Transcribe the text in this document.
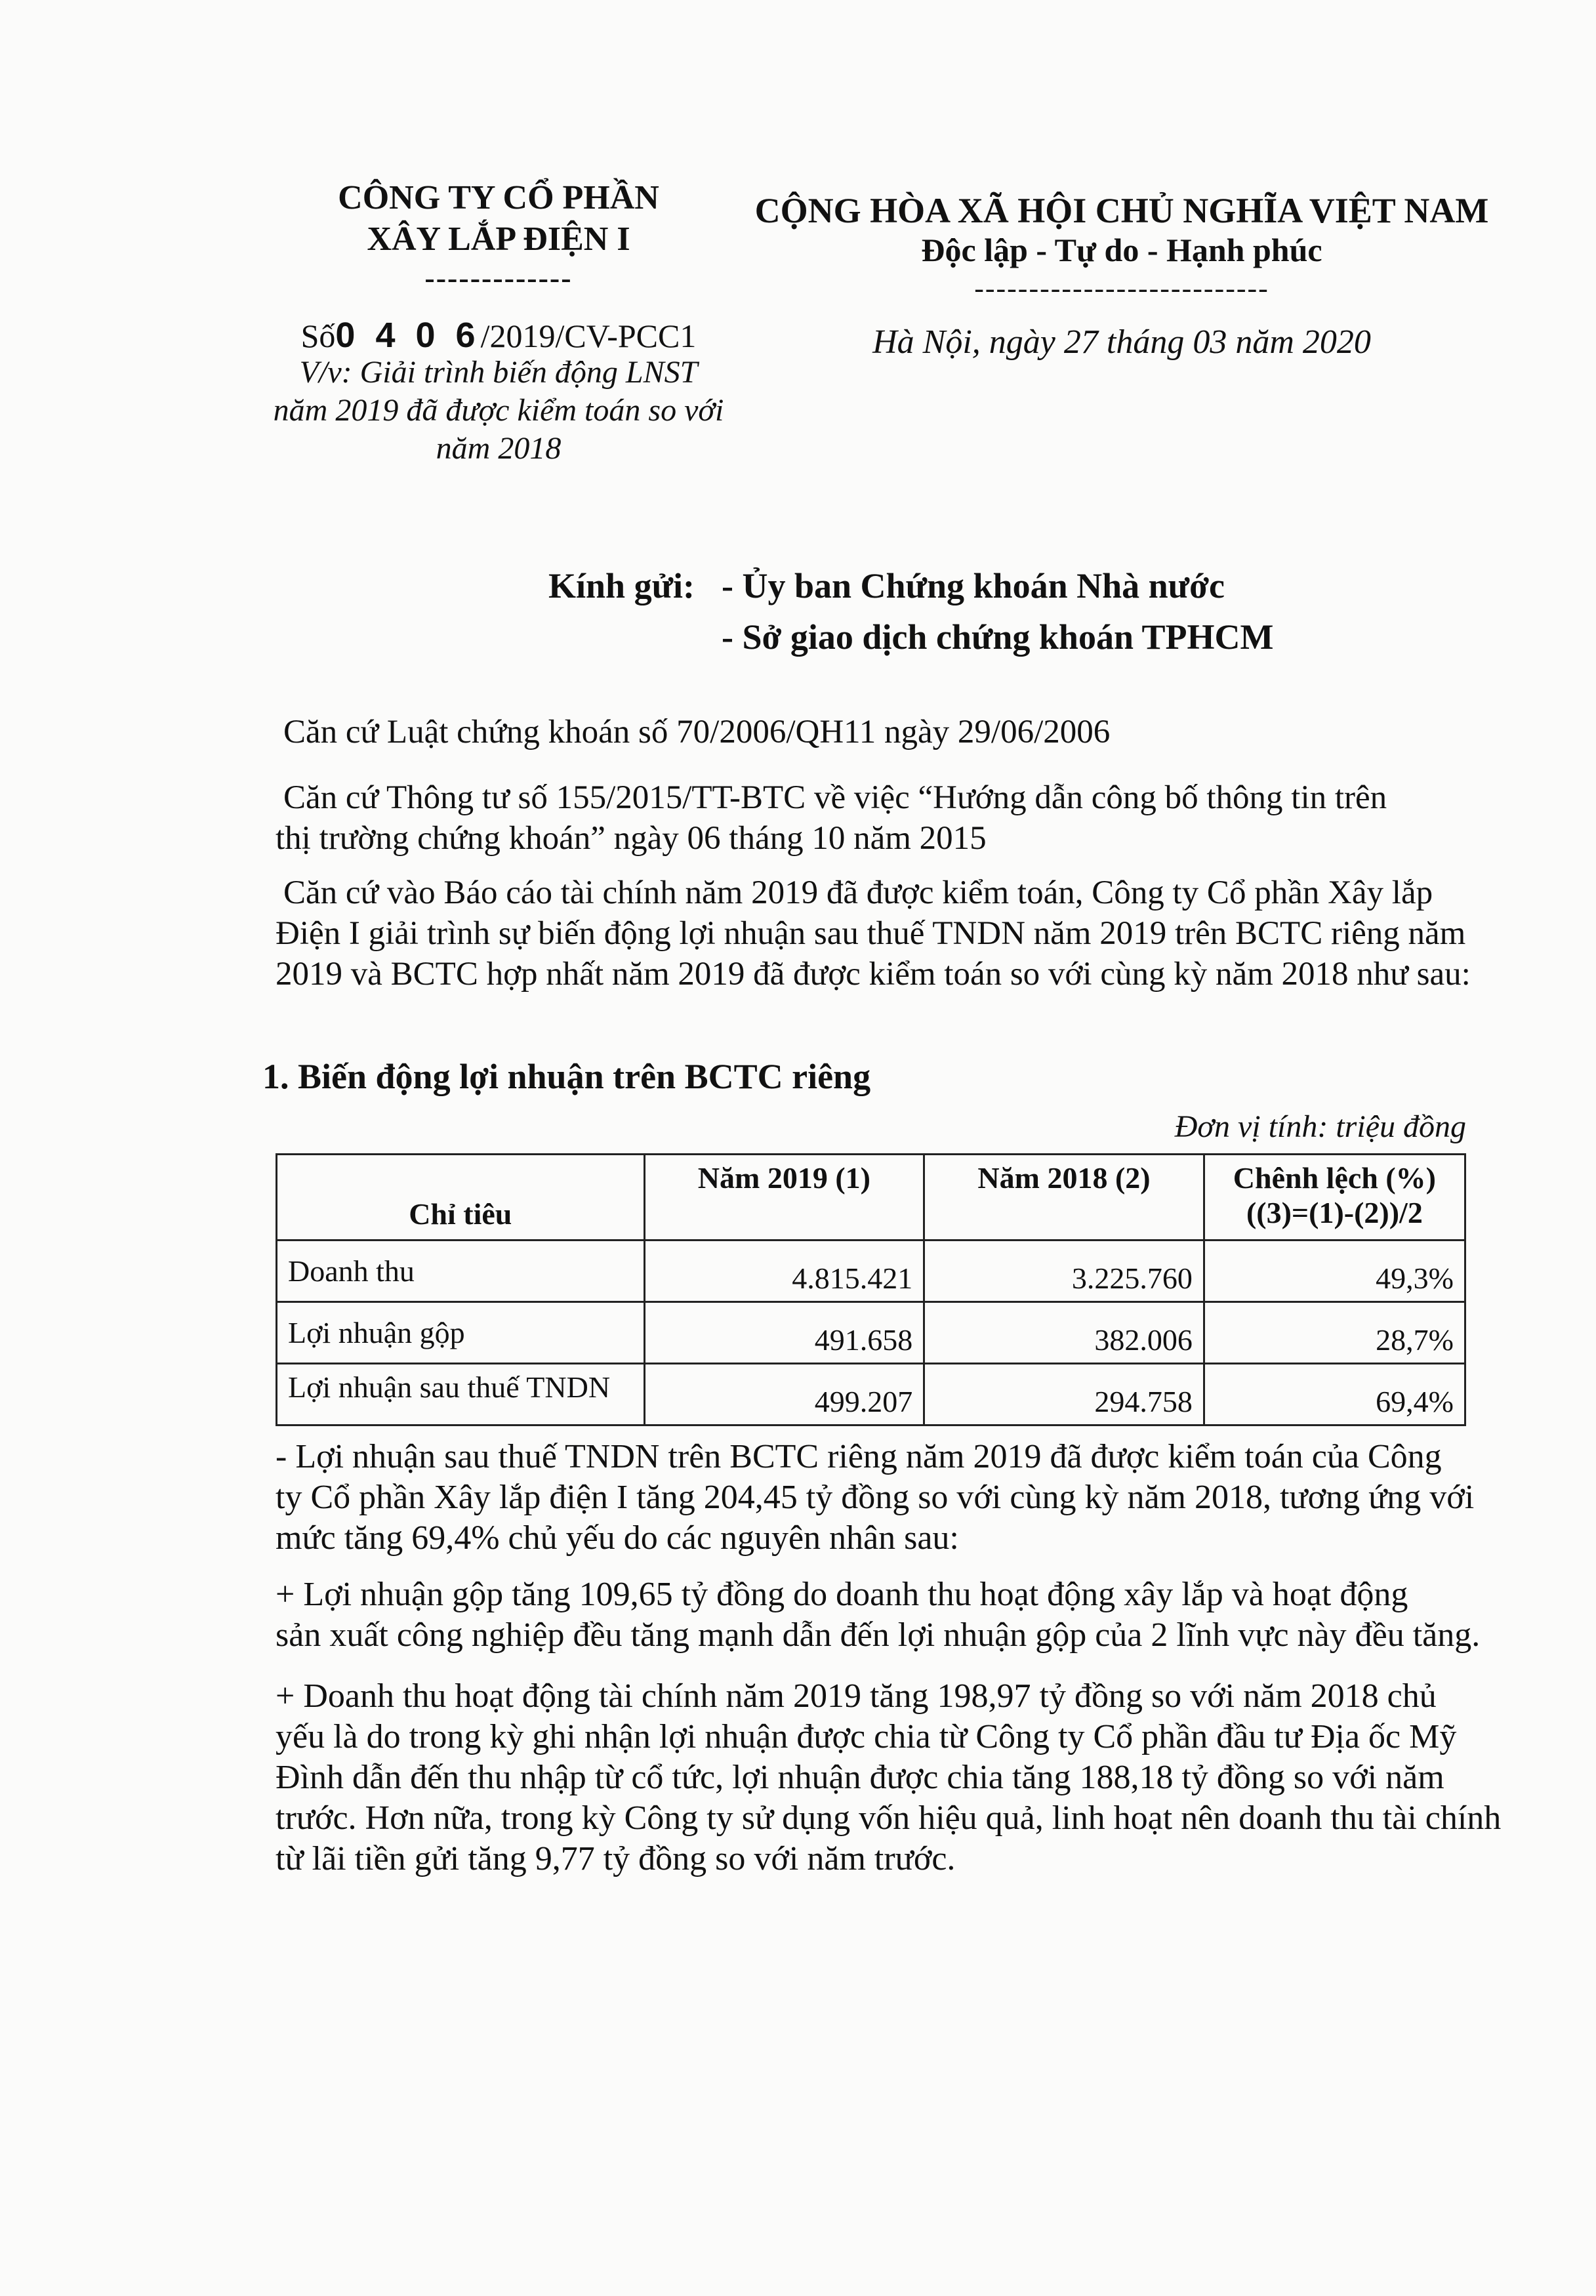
CÔNG TY CỔ PHẦN
XÂY LẮP ĐIỆN I
-------------
Số0 4 0 6/2019/CV-PCC1
V/v: Giải trình biến động LNST
năm 2019 đã được kiểm toán so với
năm 2018
CỘNG HÒA XÃ HỘI CHỦ NGHĨA VIỆT NAM
Độc lập - Tự do - Hạnh phúc
---------------------------
Hà Nội, ngày 27 tháng 03 năm 2020
Kính gửi: - Ủy ban Chứng khoán Nhà nước
- Sở giao dịch chứng khoán TPHCM
Căn cứ Luật chứng khoán số 70/2006/QH11 ngày 29/06/2006
Căn cứ Thông tư số 155/2015/TT-BTC về việc “Hướng dẫn công bố thông tin trên
thị trường chứng khoán” ngày 06 tháng 10 năm 2015
Căn cứ vào Báo cáo tài chính năm 2019 đã được kiểm toán, Công ty Cổ phần Xây lắp
Điện I giải trình sự biến động lợi nhuận sau thuế TNDN năm 2019 trên BCTC riêng năm
2019 và BCTC hợp nhất năm 2019 đã được kiểm toán so với cùng kỳ năm 2018 như sau:
1. Biến động lợi nhuận trên BCTC riêng
Đơn vị tính: triệu đồng
Chỉ tiêu	Năm 2019 (1)	Năm 2018 (2)	Chênh lệch (%)
((3)=(1)-(2))/2

Doanh thu	4.815.421	3.225.760	49,3%
Lợi nhuận gộp	491.658	382.006	28,7%
Lợi nhuận sau thuế TNDN	499.207	294.758	69,4%
- Lợi nhuận sau thuế TNDN trên BCTC riêng năm 2019 đã được kiểm toán của Công
ty Cổ phần Xây lắp điện I tăng 204,45 tỷ đồng so với cùng kỳ năm 2018, tương ứng với
mức tăng 69,4% chủ yếu do các nguyên nhân sau:
+ Lợi nhuận gộp tăng 109,65 tỷ đồng do doanh thu hoạt động xây lắp và hoạt động
sản xuất công nghiệp đều tăng mạnh dẫn đến lợi nhuận gộp của 2 lĩnh vực này đều tăng.
+ Doanh thu hoạt động tài chính năm 2019 tăng 198,97 tỷ đồng so với năm 2018 chủ
yếu là do trong kỳ ghi nhận lợi nhuận được chia từ Công ty Cổ phần đầu tư Địa ốc Mỹ
Đình dẫn đến thu nhập từ cổ tức, lợi nhuận được chia tăng 188,18 tỷ đồng so với năm
trước. Hơn nữa, trong kỳ Công ty sử dụng vốn hiệu quả, linh hoạt nên doanh thu tài chính
từ lãi tiền gửi tăng 9,77 tỷ đồng so với năm trước.
